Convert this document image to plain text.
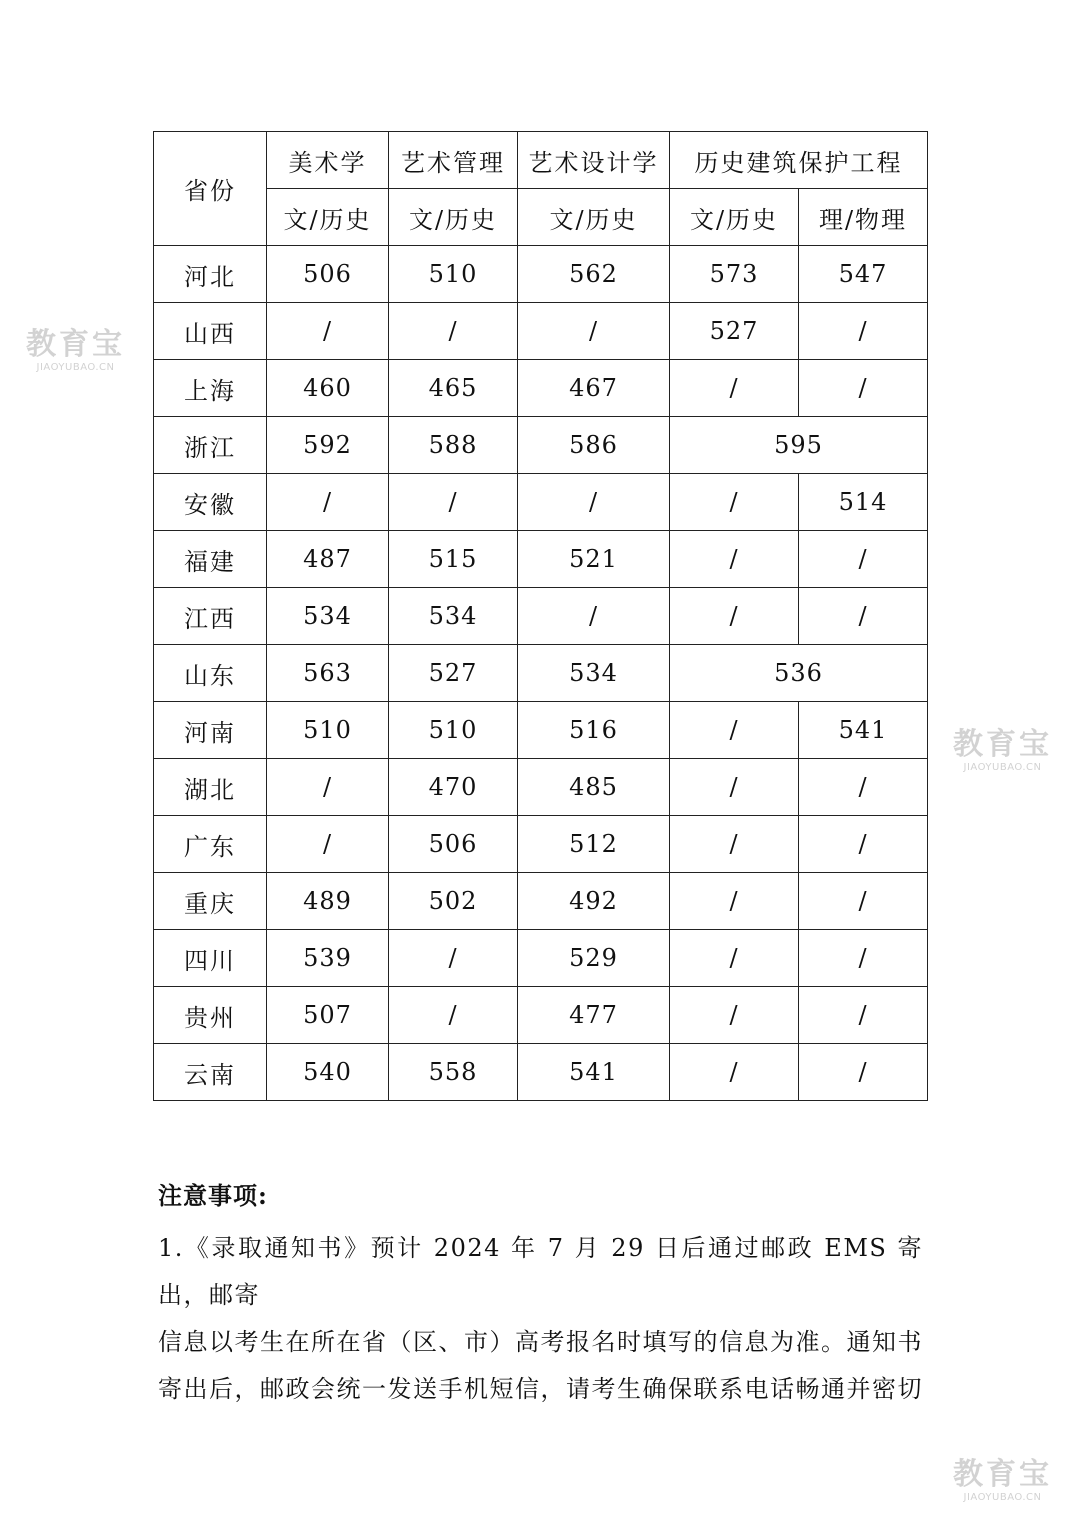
省份	美术学	艺术管理	艺术设计学	历史建筑保护工程	
	文/历史	文/历史	文/历史	文/历史	理/物理
河北	506	510	562	573	547
山西	/	/	/	527	/
上海	460	465	467	/	/
浙江	592	588	586	595	
安徽	/	/	/	/	514
福建	487	515	521	/	/
江西	534	534	/	/	/
山东	563	527	534	536	
河南	510	510	516	/	541
湖北	/	470	485	/	/
广东	/	506	512	/	/
重庆	489	502	492	/	/
四川	539	/	529	/	/
贵州	507	/	477	/	/
云南	540	558	541	/	/
注意事项:
1.《录取通知书》预计 2024 年 7 月 29 日后通过邮政 EMS 寄出，邮寄
信息以考生在所在省（区、市）高考报名时填写的信息为准。通知书
寄出后，邮政会统一发送手机短信，请考生确保联系电话畅通并密切
教育宝
JIAOYUBAO.CN
教育宝
JIAOYUBAO.CN
教育宝
JIAOYUBAO.CN
